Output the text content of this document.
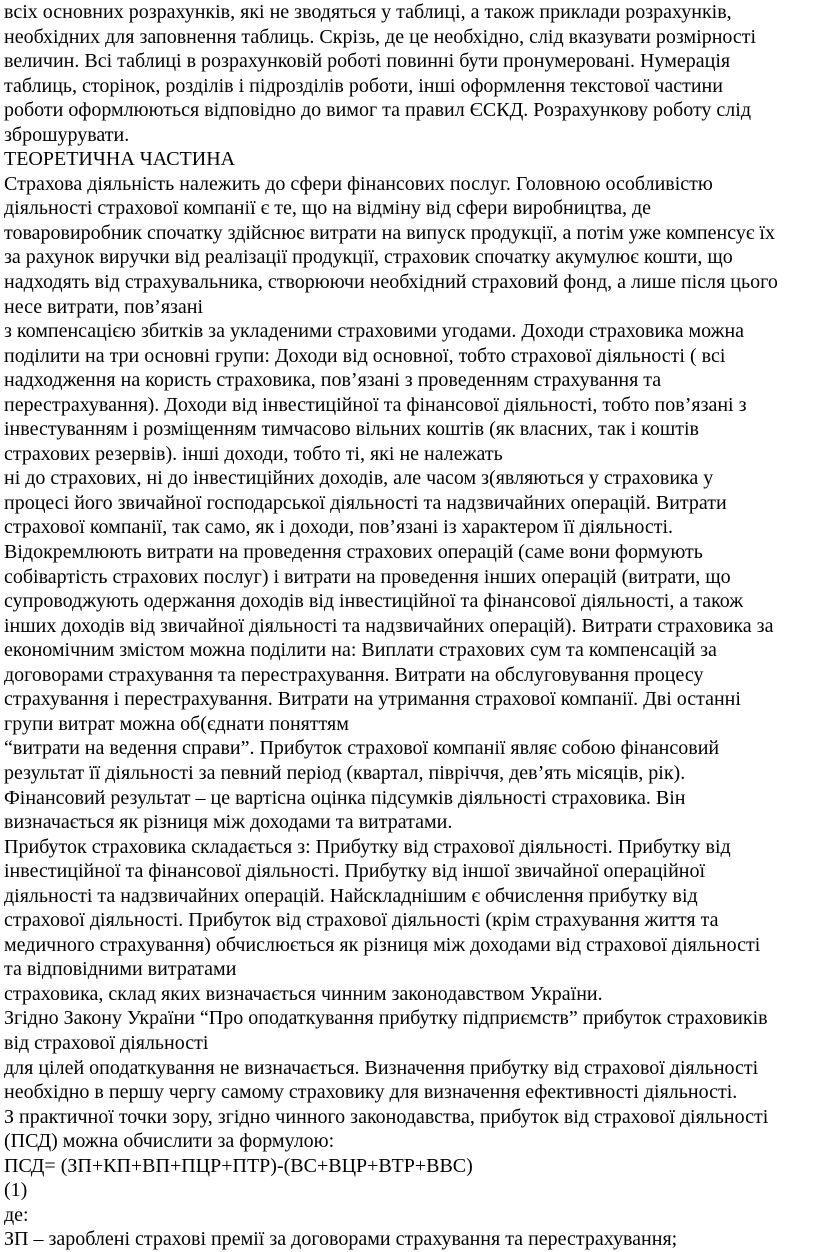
всіх основних розрахунків, які не зводяться у таблиці, а також приклади розрахунків,
необхідних для заповнення таблиць. Скрізь, де це необхідно, слід вказувати розмірності
величин. Всі таблиці в розрахунковій роботі повинні бути пронумеровані. Нумерація
таблиць, сторінок, розділів і підрозділів роботи, інші оформлення текстової частини
роботи оформлюються відповідно до вимог та правил ЄСКД. Розрахункову роботу слід
зброшурувати.
ТЕОРЕТИЧНА ЧАСТИНА
Страхова діяльність належить до сфери фінансових послуг. Головною особливістю
діяльності страхової компанії є те, що на відміну від сфери виробництва, де
товаровиробник спочатку здійснює витрати на випуск продукції, а потім уже компенсує їх
за рахунок виручки від реалізації продукції, страховик спочатку акумулює кошти, що
надходять від страхувальника, створюючи необхідний страховий фонд, а лише після цього
несе витрати, пов’язані
з компенсацією збитків за укладеними страховими угодами. Доходи страховика можна
поділити на три основні групи: Доходи від основної, тобто страхової діяльності ( всі
надходження на користь страховика, пов’язані з проведенням страхування та
перестрахування). Доходи від інвестиційної та фінансової діяльності, тобто пов’язані з
інвестуванням і розміщенням тимчасово вільних коштів (як власних, так і коштів
страхових резервів). інші доходи, тобто ті, які не належать
ні до страхових, ні до інвестиційних доходів, але часом з(являються у страховика у
процесі його звичайної господарської діяльності та надзвичайних операцій. Витрати
страхової компанії, так само, як і доходи, пов’язані із характером її діяльності.
Відокремлюють витрати на проведення страхових операцій (саме вони формують
собівартість страхових послуг) і витрати на проведення інших операцій (витрати, що
супроводжують одержання доходів від інвестиційної та фінансової діяльності, а також
інших доходів від звичайної діяльності та надзвичайних операцій). Витрати страховика за
економічним змістом можна поділити на: Виплати страхових сум та компенсацій за
договорами страхування та перестрахування. Витрати на обслуговування процесу
страхування і перестрахування. Витрати на утримання страхової компанії. Дві останні
групи витрат можна об(єднати поняттям
“витрати на ведення справи”. Прибуток страхової компанії являє собою фінансовий
результат її діяльності за певний період (квартал, півріччя, дев’ять місяців, рік).
Фінансовий результат – це вартісна оцінка підсумків діяльності страховика. Він
визначається як різниця між доходами та витратами.
Прибуток страховика складається з: Прибутку від страхової діяльності. Прибутку від
інвестиційної та фінансової діяльності. Прибутку від іншої звичайної операційної
діяльності та надзвичайних операцій. Найскладнішим є обчислення прибутку від
страхової діяльності. Прибуток від страхової діяльності (крім страхування життя та
медичного страхування) обчислюється як різниця між доходами від страхової діяльності
та відповідними витратами
страховика, склад яких визначається чинним законодавством України.
Згідно Закону України “Про оподаткування прибутку підприємств” прибуток страховиків
від страхової діяльності
для цілей оподаткування не визначається. Визначення прибутку від страхової діяльності
необхідно в першу чергу самому страховику для визначення ефективності діяльності.
З практичної точки зору, згідно чинного законодавства, прибуток від страхової діяльності
(ПСД) можна обчислити за формулою:
ПСД= (ЗП+КП+ВП+ПЦР+ПТР)-(ВС+ВЦР+ВТР+ВВС)
(1)
де:
ЗП – зароблені страхові премії за договорами страхування та перестрахування;
